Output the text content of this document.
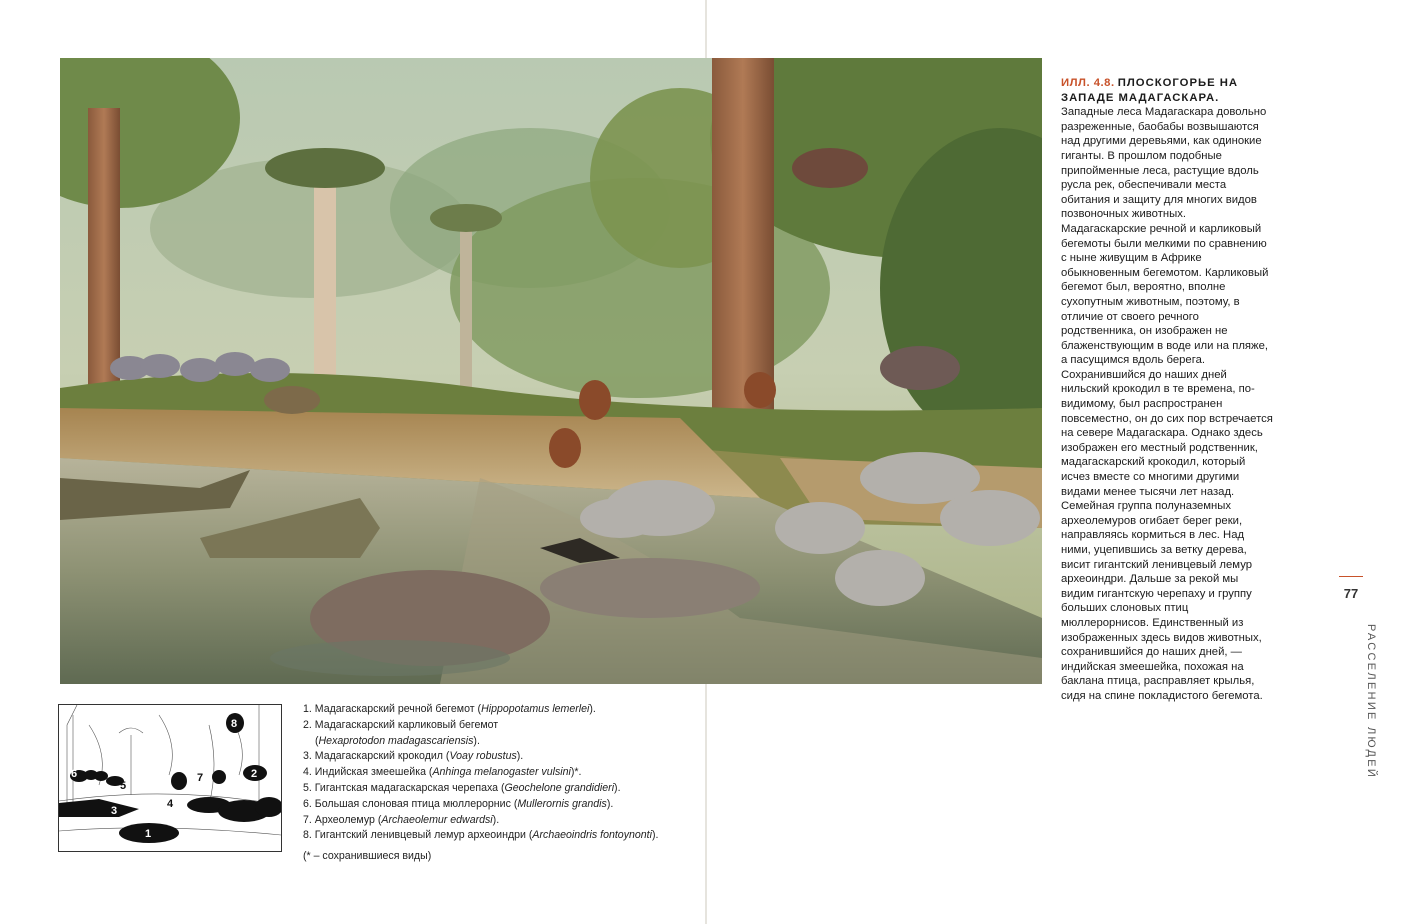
ИЛЛ. 4.8. ПЛОСКОГОРЬЕ НА ЗАПАДЕ МАДАГАСКАРА. Западные леса Мадагаскара довольно разреженные, баобабы возвышаются над другими деревьями, как одинокие гиганты. В прошлом подобные припойменные леса, растущие вдоль русла рек, обеспечивали места обитания и защиту для многих видов позвоночных животных. Мадагаскарские речной и карликовый бегемоты были мелкими по сравнению с ныне живущим в Африке обыкновенным бегемотом. Карликовый бегемот был, вероятно, вполне сухопутным животным, поэтому, в отличие от своего речного родственника, он изображен не блаженствующим в воде или на пляже, а пасущимся вдоль берега. Сохранившийся до наших дней нильский крокодил в те времена, по-видимому, был распространен повсеместно, он до сих пор встречается на севере Мадагаскара. Однако здесь изображен его местный родственник, мадагаскарский крокодил, который исчез вместе со многими другими видами менее тысячи лет назад. Семейная группа полуназемных археолемуров огибает берег реки, направляясь кормиться в лес. Над ними, уцепившись за ветку дерева, висит гигантский ленивцевый лемур археоиндри. Дальше за рекой мы видим гигантскую черепаху и группу больших слоновых птиц мюллерорнисов. Единственный из изображенных здесь видов животных, сохранившийся до наших дней, — индийская змеешейка, похожая на баклана птица, расправляет крылья, сидя на спине покладистого бегемота.
6
5
3
4
7
8
2
1
1. Мадагаскарский речной бегемот (Hippopotamus lemerlei).
2. Мадагаскарский карликовый бегемот
(Hexaprotodon madagascariensis).
3. Мадагаскарский крокодил (Voay robustus).
4. Индийская змеешейка (Anhinga melanogaster vulsini)*.
5. Гигантская мадагаскарская черепаха (Geochelone grandidieri).
6. Большая слоновая птица мюллерорнис (Mullerornis grandis).
7. Археолемур (Archaeolemur edwardsi).
8. Гигантский ленивцевый лемур археоиндри (Archaeoindris fontoynonti).
(* – сохранившиеся виды)
77
РАССЕЛЕНИЕ ЛЮДЕЙ
